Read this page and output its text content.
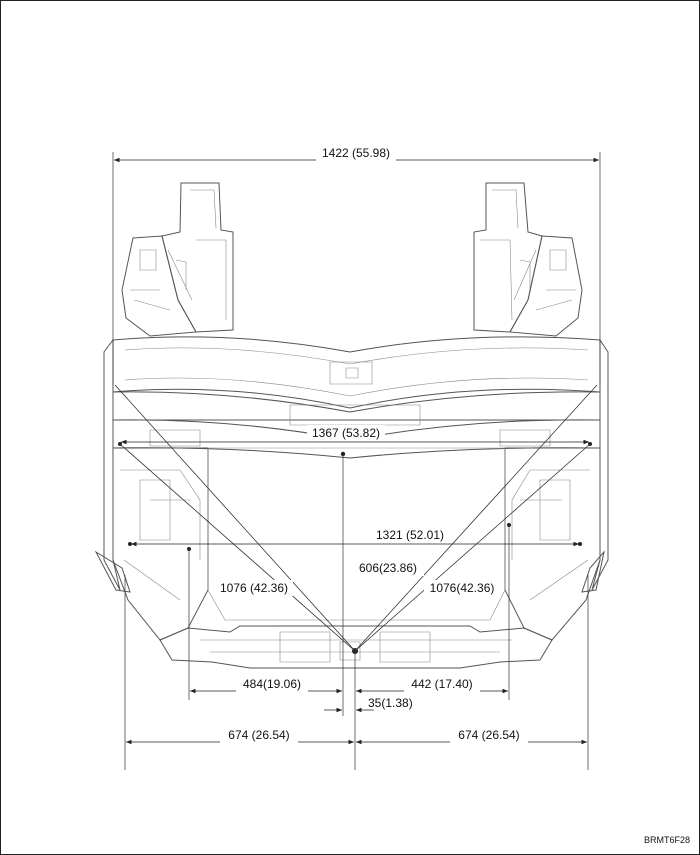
1422 (55.98)
1367 (53.82)
1321 (52.01)
606(23.86)
1076 (42.36)	1076(42.36)
484(19.06)	442 (17.40)
35(1.38)
674 (26.54)	674 (26.54)
BRMT6F28
